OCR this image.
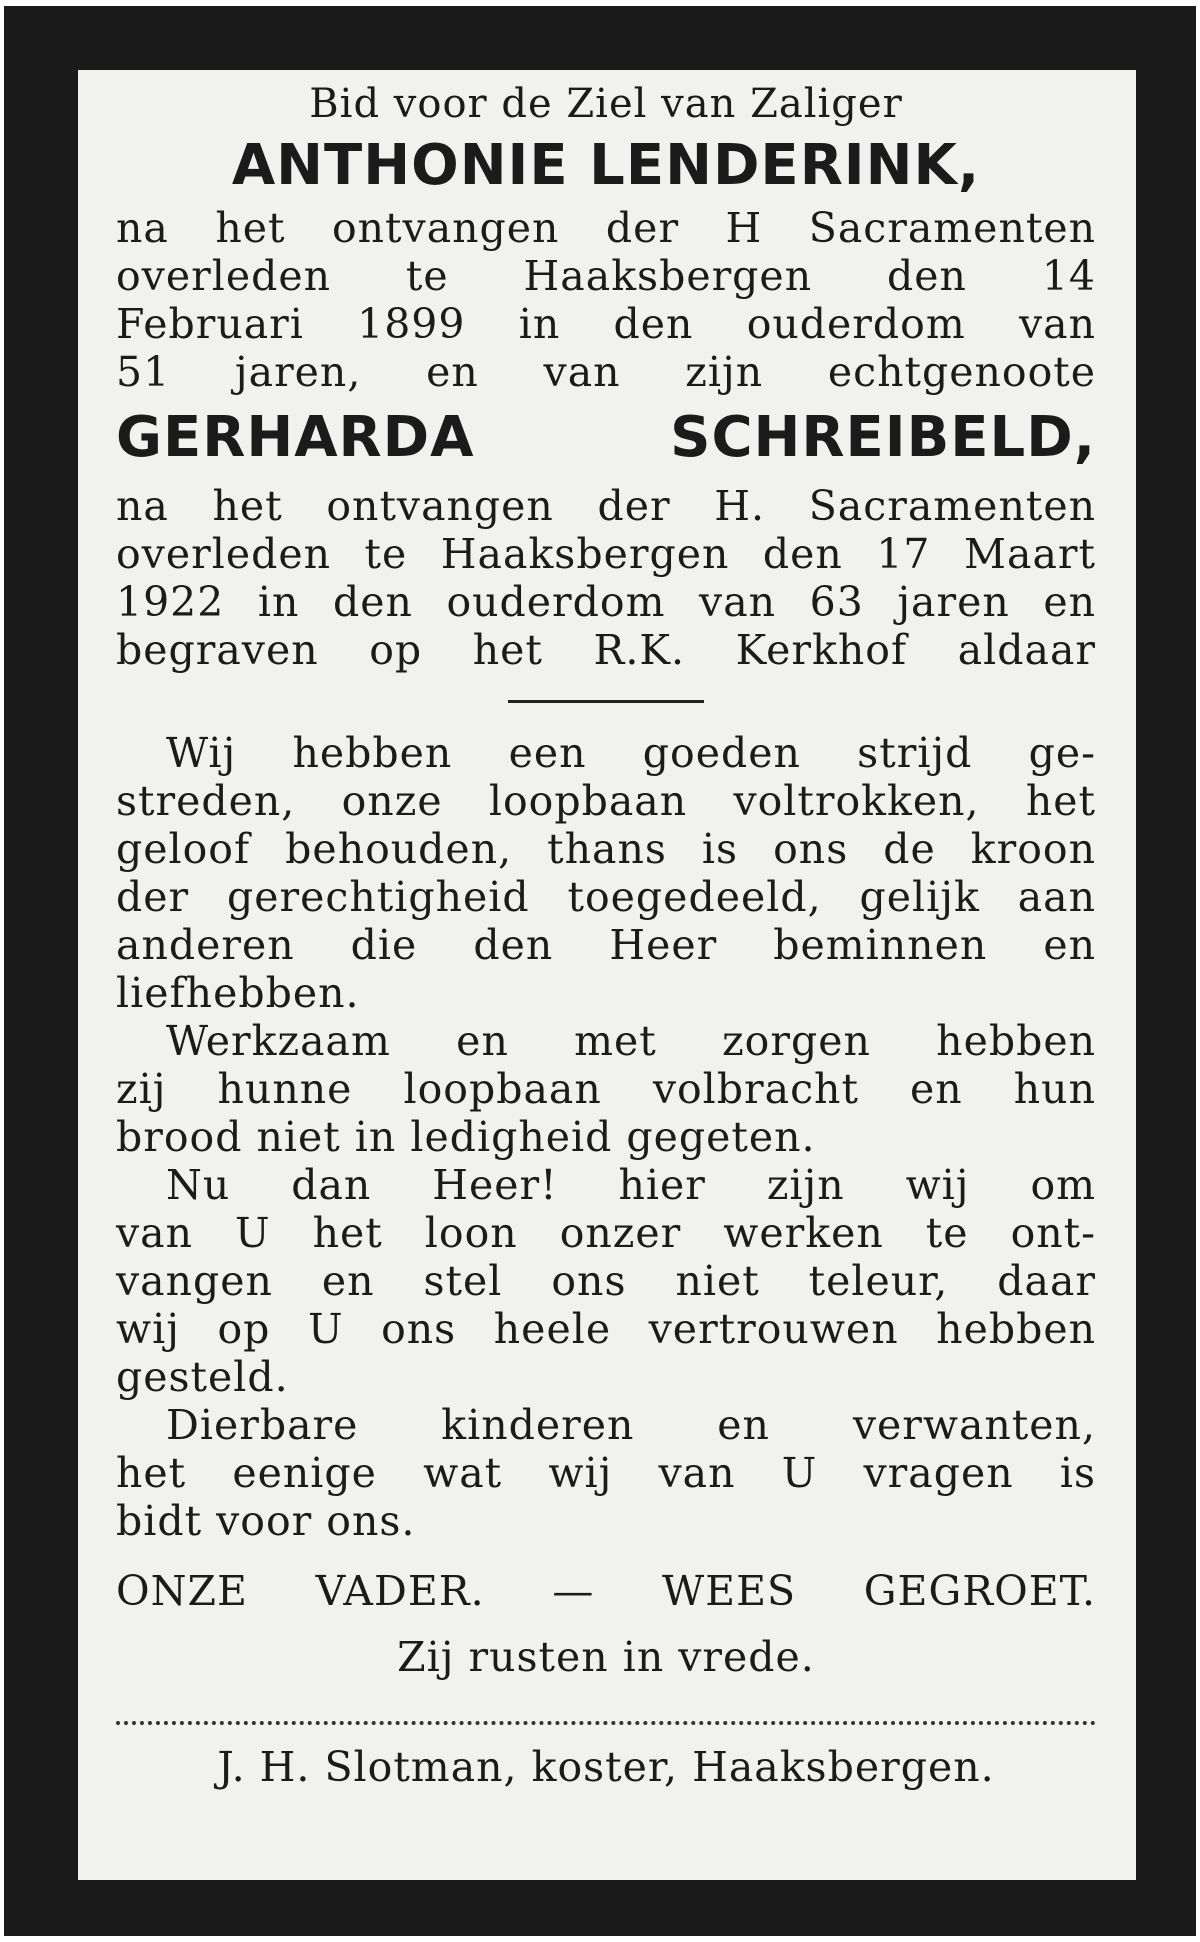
Bid voor de Ziel van Zaliger
ANTHONIE LENDERINK,
na het ontvangen der H Sacramenten
overleden te Haaksbergen den 14
Februari 1899 in den ouderdom van
51 jaren, en van zijn echtgenoote
GERHARDA SCHREIBELD,
na het ontvangen der H. Sacramenten
overleden te Haaksbergen den 17 Maart
1922 in den ouderdom van 63 jaren en
begraven op het R.K. Kerkhof aldaar
Wij hebben een goeden strijd ge-
streden, onze loopbaan voltrokken, het
geloof behouden, thans is ons de kroon
der gerechtigheid toegedeeld, gelijk aan
anderen die den Heer beminnen en
liefhebben.
Werkzaam en met zorgen hebben
zij hunne loopbaan volbracht en hun
brood niet in ledigheid gegeten.
Nu dan Heer! hier zijn wij om
van U het loon onzer werken te ont-
vangen en stel ons niet teleur, daar
wij op U ons heele vertrouwen hebben
gesteld.
Dierbare kinderen en verwanten,
het eenige wat wij van U vragen is
bidt voor ons.
ONZE VADER. — WEES GEGROET.
Zij rusten in vrede.
J. H. Slotman, koster, Haaksbergen.
